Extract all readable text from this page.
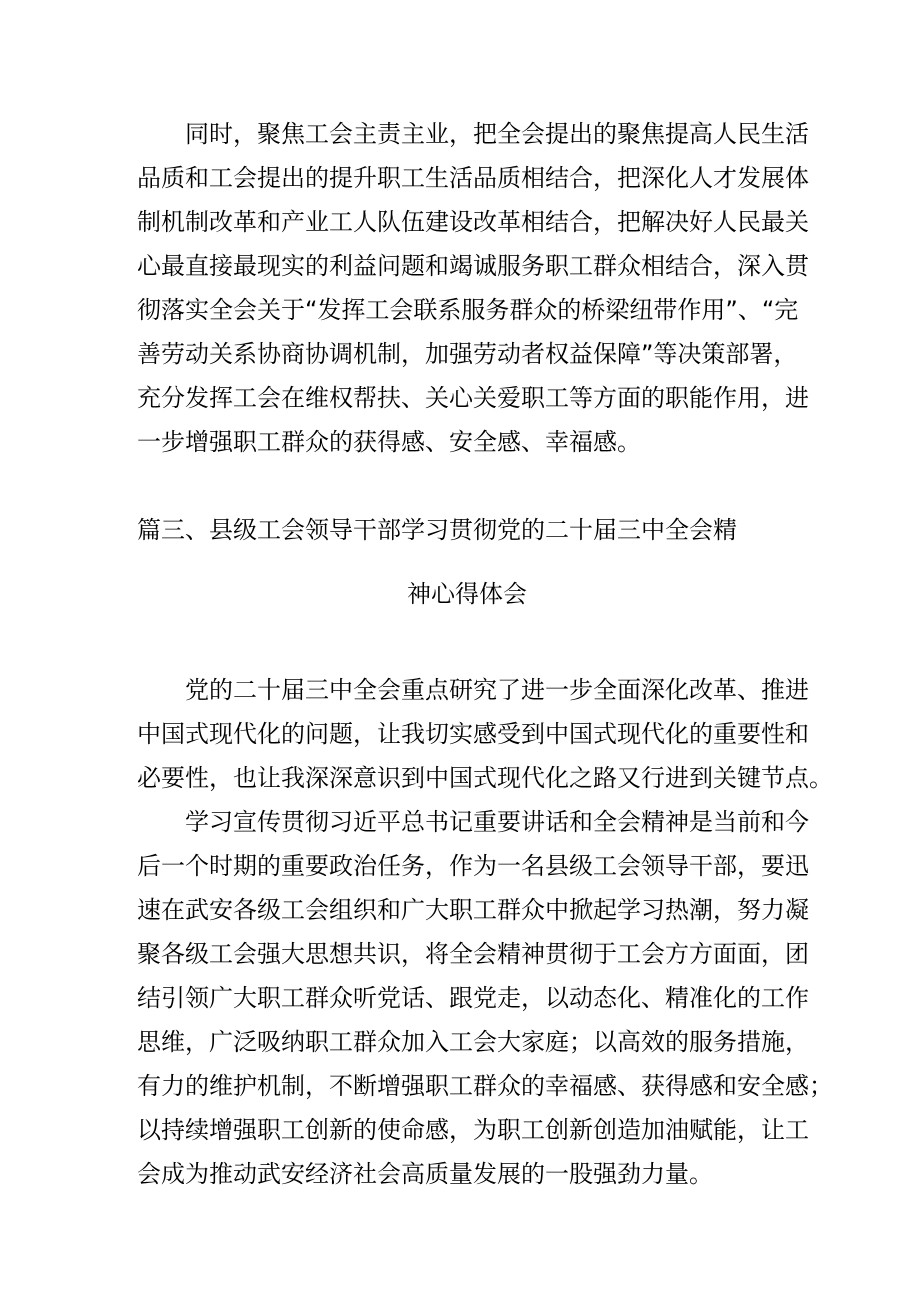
同时，聚焦工会主责主业，把全会提出的聚焦提高人民生活
品质和工会提出的提升职工生活品质相结合，把深化人才发展体
制机制改革和产业工人队伍建设改革相结合，把解决好人民最关
心最直接最现实的利益问题和竭诚服务职工群众相结合，深入贯
彻落实全会关于“发挥工会联系服务群众的桥梁纽带作用”、“完
善劳动关系协商协调机制，加强劳动者权益保障”等决策部署，
充分发挥工会在维权帮扶、关心关爱职工等方面的职能作用，进
一步增强职工群众的获得感、安全感、幸福感。
篇三、县级工会领导干部学习贯彻党的二十届三中全会精
神心得体会
党的二十届三中全会重点研究了进一步全面深化改革、推进
中国式现代化的问题，让我切实感受到中国式现代化的重要性和
必要性，也让我深深意识到中国式现代化之路又行进到关键节点。
学习宣传贯彻习近平总书记重要讲话和全会精神是当前和今
后一个时期的重要政治任务，作为一名县级工会领导干部，要迅
速在武安各级工会组织和广大职工群众中掀起学习热潮，努力凝
聚各级工会强大思想共识，将全会精神贯彻于工会方方面面，团
结引领广大职工群众听党话、跟党走，以动态化、精准化的工作
思维，广泛吸纳职工群众加入工会大家庭；以高效的服务措施，
有力的维护机制，不断增强职工群众的幸福感、获得感和安全感；
以持续增强职工创新的使命感，为职工创新创造加油赋能，让工
会成为推动武安经济社会高质量发展的一股强劲力量。
